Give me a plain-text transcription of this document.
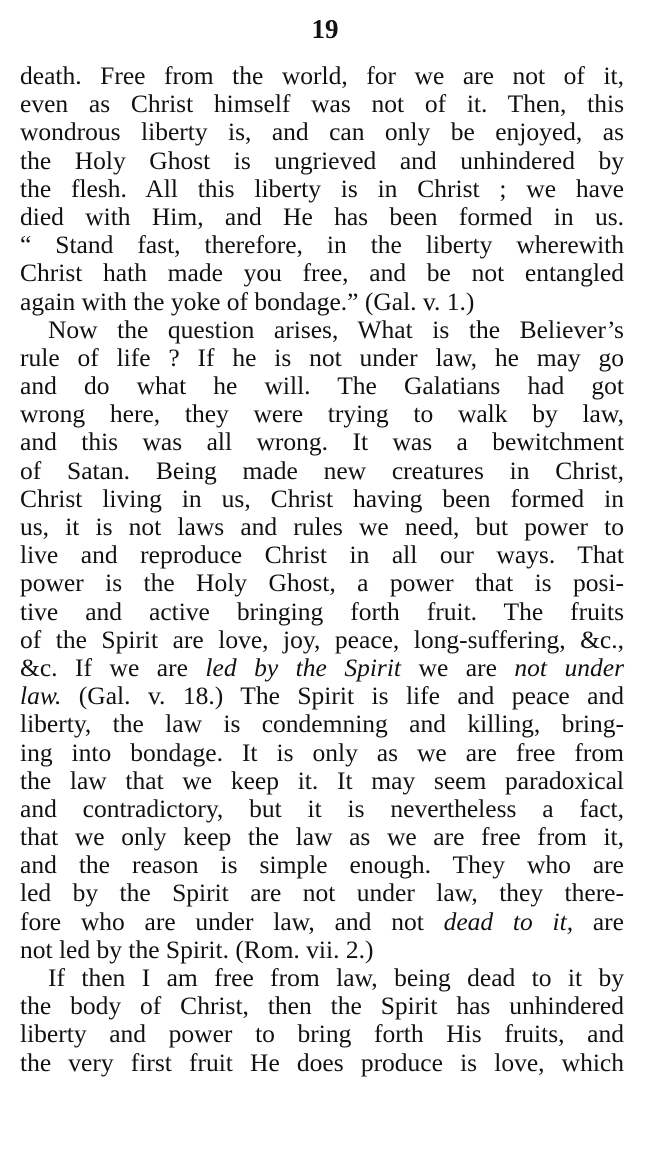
19
death. Free from the world, for we are not of it,
even as Christ himself was not of it. Then, this
wondrous liberty is, and can only be enjoyed, as
the Holy Ghost is ungrieved and unhindered by
the flesh. All this liberty is in Christ ; we have
died with Him, and He has been formed in us.
“ Stand fast, therefore, in the liberty wherewith
Christ hath made you free, and be not entangled
again with the yoke of bondage.” (Gal. v. 1.)
Now the question arises, What is the Believer’s
rule of life ? If he is not under law, he may go
and do what he will. The Galatians had got
wrong here, they were trying to walk by law,
and this was all wrong. It was a bewitchment
of Satan. Being made new creatures in Christ,
Christ living in us, Christ having been formed in
us, it is not laws and rules we need, but power to
live and reproduce Christ in all our ways. That
power is the Holy Ghost, a power that is posi-
tive and active bringing forth fruit. The fruits
of the Spirit are love, joy, peace, long-suffering, &c.,
&c. If we are led by the Spirit we are not under
law. (Gal. v. 18.) The Spirit is life and peace and
liberty, the law is condemning and killing, bring-
ing into bondage. It is only as we are free from
the law that we keep it. It may seem paradoxical
and contradictory, but it is nevertheless a fact,
that we only keep the law as we are free from it,
and the reason is simple enough. They who are
led by the Spirit are not under law, they there-
fore who are under law, and not dead to it, are
not led by the Spirit. (Rom. vii. 2.)
If then I am free from law, being dead to it by
the body of Christ, then the Spirit has unhindered
liberty and power to bring forth His fruits, and
the very first fruit He does produce is love, which
